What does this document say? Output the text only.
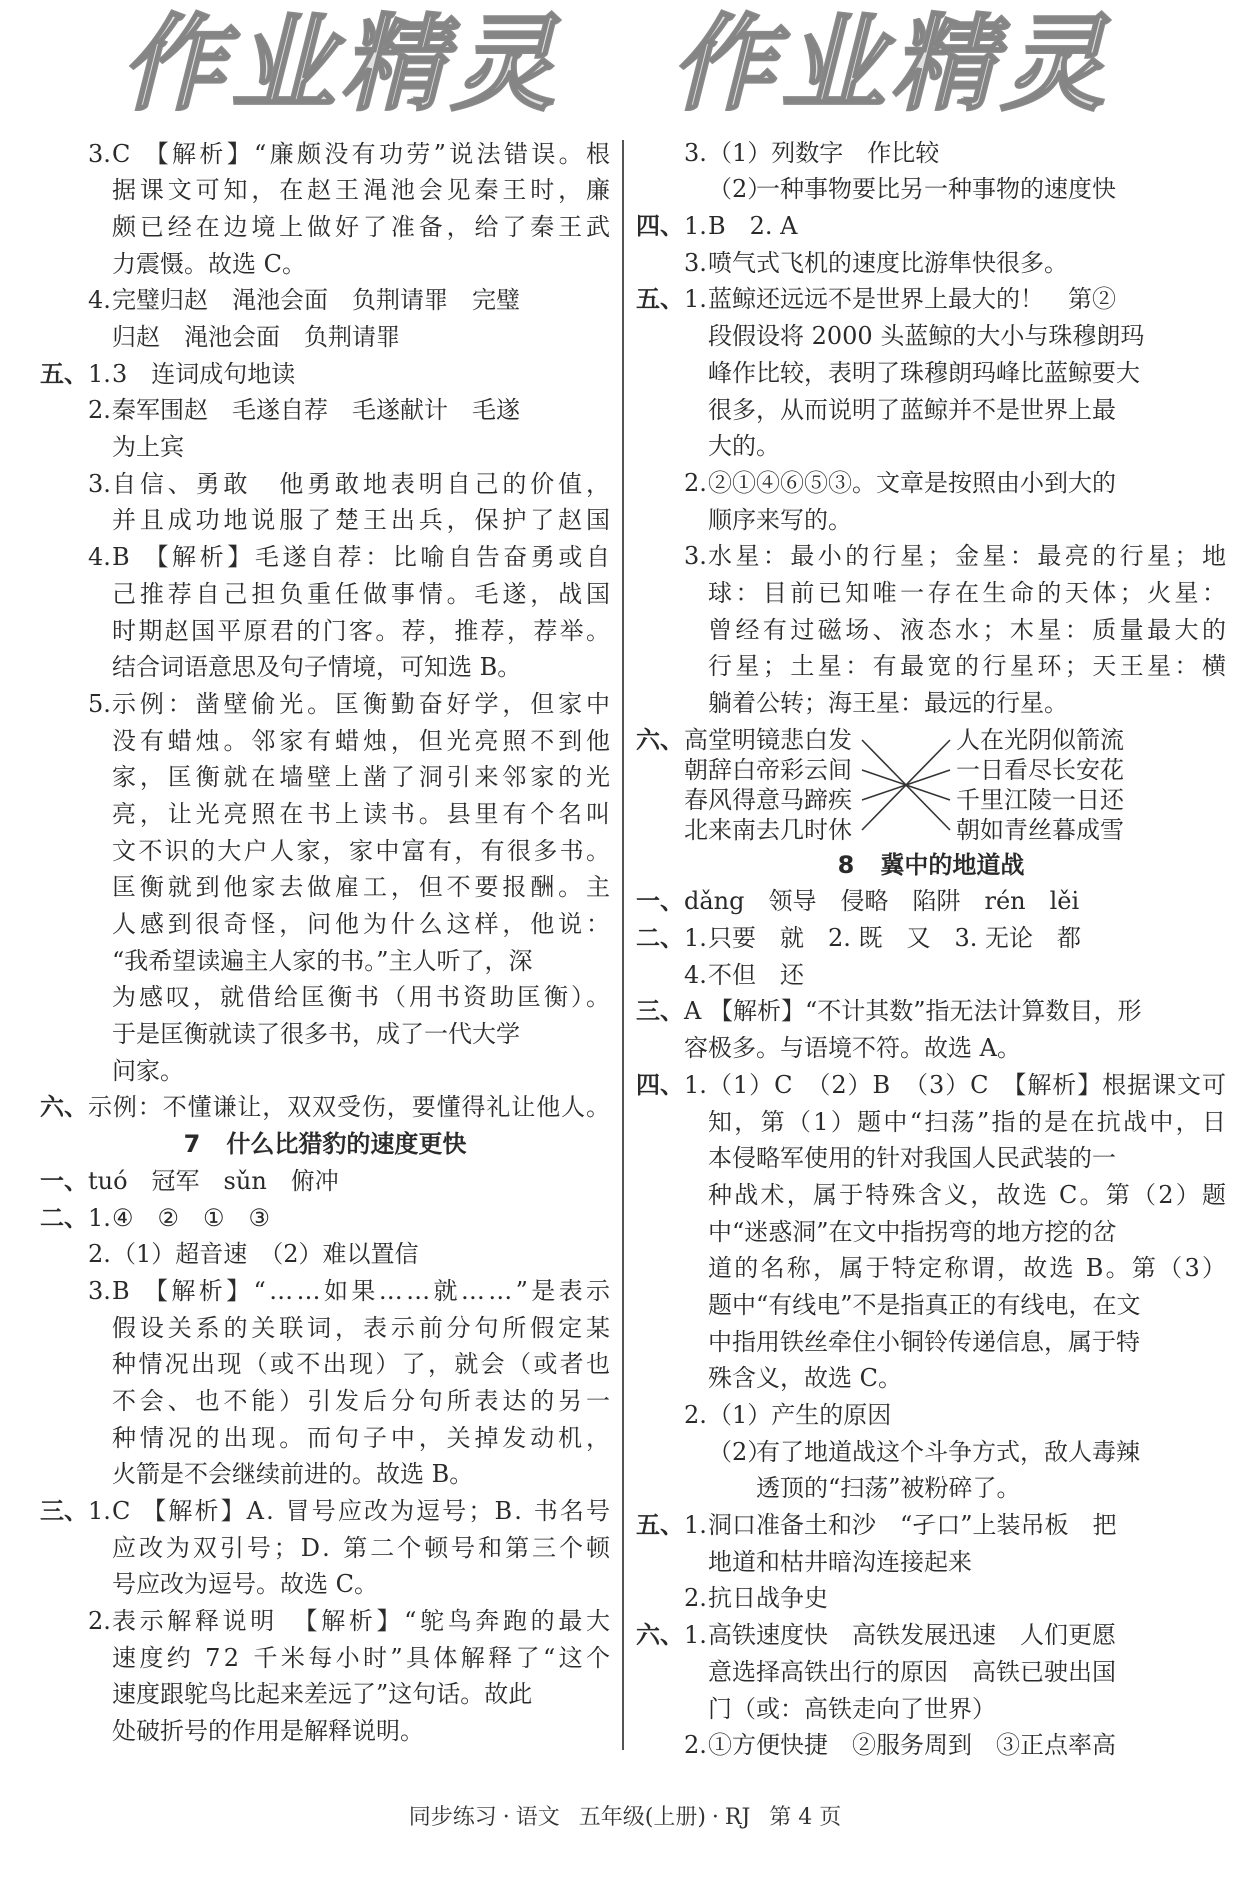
3. C 【解析】“廉颇没有功劳”说法错误。根
据课文可知，在赵王渑池会见秦王时，廉
颇已经在边境上做好了准备，给了秦王武
力震慑。故选 C。
4. 完璧归赵　渑池会面　负荆请罪　完璧
归赵　渑池会面　负荆请罪
五、 1. 3　连词成句地读
2. 秦军围赵　毛遂自荐　毛遂献计　毛遂
为上宾
3. 自信、勇敢　他勇敢地表明自己的价值，
并且成功地说服了楚王出兵，保护了赵国
4. B 【解析】毛遂自荐：比喻自告奋勇或自
己推荐自己担负重任做事情。毛遂，战国
时期赵国平原君的门客。荐，推荐，荐举。
结合词语意思及句子情境，可知选 B。
5. 示例：凿壁偷光。匡衡勤奋好学，但家中
没有蜡烛。邻家有蜡烛，但光亮照不到他
家，匡衡就在墙壁上凿了洞引来邻家的光
亮，让光亮照在书上读书。县里有个名叫
文不识的大户人家，家中富有，有很多书。
匡衡就到他家去做雇工，但不要报酬。主
人感到很奇怪，问他为什么这样，他说：
“我希望读遍主人家的书。”主人听了，深
为感叹，就借给匡衡书（用书资助匡衡）。
于是匡衡就读了很多书，成了一代大学
问家。
六、 示例：不懂谦让，双双受伤，要懂得礼让他人。
7 什么比猎豹的速度更快
一、 tuó　冠军　sǔn　俯冲
二、 1. ④　②　①　③
2. （1）超音速　（2）难以置信
3. B 【解析】“……如果……就……”是表示
假设关系的关联词，表示前分句所假定某
种情况出现（或不出现）了，就会（或者也
不会、也不能）引发后分句所表达的另一
种情况的出现。而句子中，关掉发动机，
火箭是不会继续前进的。故选 B。
三、 1. C 【解析】A. 冒号应改为逗号；B. 书名号
应改为双引号；D. 第二个顿号和第三个顿
号应改为逗号。故选 C。
2. 表示解释说明　【解析】“鸵鸟奔跑的最大
速度约 72 千米每小时”具体解释了“这个
速度跟鸵鸟比起来差远了”这句话。故此
处破折号的作用是解释说明。
3. （1）列数字　作比较
（2）
一种事物要比另一种事物的速度快
四、 1. B　2. A
3. 喷气式飞机的速度比游隼快很多。
五、 1. 蓝鲸还远远不是世界上最大的！　第②
段假设将 2000 头蓝鲸的大小与珠穆朗玛
峰作比较，表明了珠穆朗玛峰比蓝鲸要大
很多，从而说明了蓝鲸并不是世界上最
大的。
2. ②①④⑥⑤③。文章是按照由小到大的
顺序来写的。
3. 水星：最小的行星；金星：最亮的行星；地
球：目前已知唯一存在生命的天体；火星：
曾经有过磁场、液态水；木星：质量最大的
行星；土星：有最宽的行星环；天王星：横
躺着公转；海王星：最远的行星。
六、 高堂明镜悲白发
朝辞白帝彩云间
春风得意马蹄疾
北来南去几时休
人在光阴似箭流
一日看尽长安花
千里江陵一日还
朝如青丝暮成雪
8 冀中的地道战
一、 dǎng　领导　侵略　陷阱　rén　lěi
二、 1. 只要　就　2. 既　又　3. 无论　都
4. 不但　还
三、 A 【解析】“不计其数”指无法计算数目，形
容极多。与语境不符。故选 A。
四、 1. （1）C　（2）B　（3）C　【解析】根据课文可
知，第（1）题中“扫荡”指的是在抗战中，日
本侵略军使用的针对我国人民武装的一
种战术，属于特殊含义，故选 C。第（2）题
中“迷惑洞”在文中指拐弯的地方挖的岔
道的名称，属于特定称谓，故选 B。第（3）
题中“有线电”不是指真正的有线电，在文
中指用铁丝牵住小铜铃传递信息，属于特
殊含义，故选 C。
2. （1）产生的原因
（2）
有了地道战这个斗争方式，敌人毒辣
透顶的“扫荡”被粉碎了。
五、 1. 洞口准备土和沙　“孑口”上装吊板　把
地道和枯井暗沟连接起来
2. 抗日战争史
六、 1. 高铁速度快　高铁发展迅速　人们更愿
意选择高铁出行的原因　高铁已驶出国
门（或：高铁走向了世界）
2. ①方便快捷　②服务周到　③正点率高
作业精灵 作业精灵
同步练习 · 语文 五年级(上册) · RJ 第 4 页
